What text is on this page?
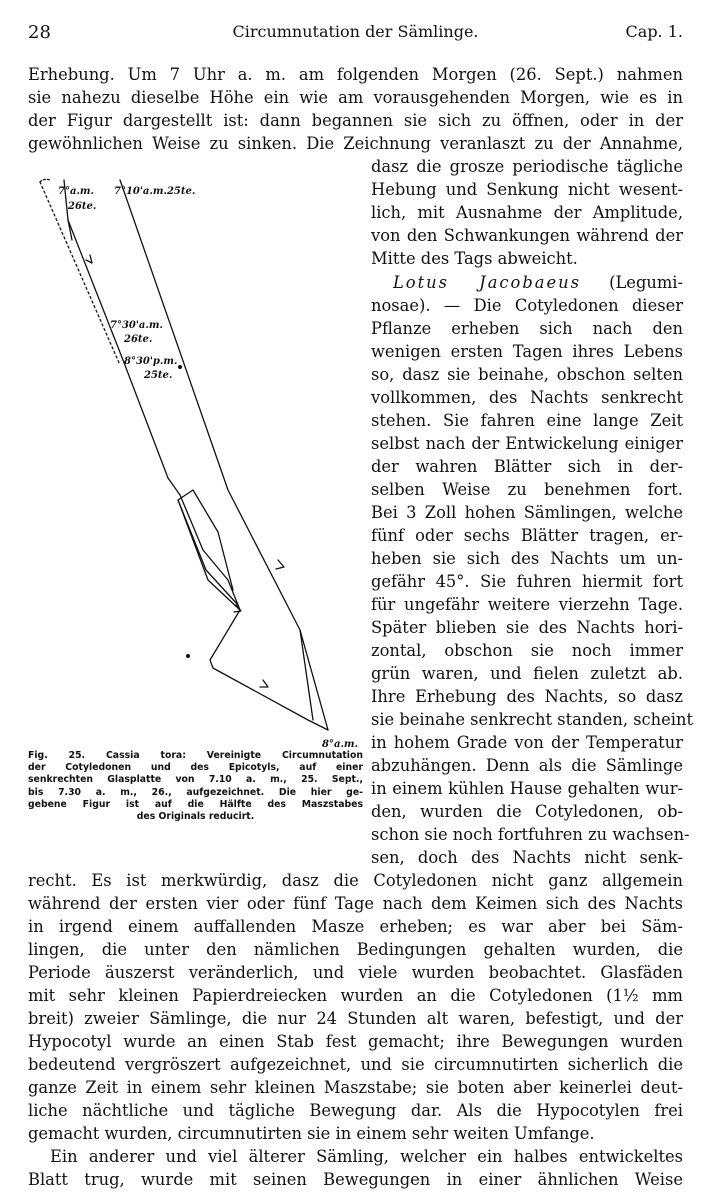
28	Circumnutation der Sämlinge.	Cap. 1.
Erhebung. Um 7 Uhr a. m. am folgenden Morgen (26. Sept.) nahmen
sie nahezu dieselbe Höhe ein wie am vorausgehenden Morgen, wie es in
der Figur dargestellt ist: dann begannen sie sich zu öffnen, oder in der
gewöhnlichen Weise zu sinken. Die Zeichnung veranlaszt zu der Annahme,
7°a.m.
26te.
7°10'a.m.25te.
7°30'a.m.
26te.
8°30'p.m.
25te.
8°a.m.
Fig. 25. Cassia tora: Vereinigte Circumnutation
der Cotyledonen und des Epicotyls, auf einer
senkrechten Glasplatte von 7.10 a. m., 25. Sept.,
bis 7.30 a. m., 26., aufgezeichnet. Die hier ge-
gebene Figur ist auf die Hälfte des Maszstabes
des Originals reducirt.
dasz die grosze periodische tägliche
Hebung und Senkung nicht wesent-
lich, mit Ausnahme der Amplitude,
von den Schwankungen während der
Mitte des Tags abweicht.
Lotus Jacobaeus (Legumi-
nosae). — Die Cotyledonen dieser
Pflanze erheben sich nach den
wenigen ersten Tagen ihres Lebens
so, dasz sie beinahe, obschon selten
vollkommen, des Nachts senkrecht
stehen. Sie fahren eine lange Zeit
selbst nach der Entwickelung einiger
der wahren Blätter sich in der-
selben Weise zu benehmen fort.
Bei 3 Zoll hohen Sämlingen, welche
fünf oder sechs Blätter tragen, er-
heben sie sich des Nachts um un-
gefähr 45°. Sie fuhren hiermit fort
für ungefähr weitere vierzehn Tage.
Später blieben sie des Nachts hori-
zontal, obschon sie noch immer
grün waren, und fielen zuletzt ab.
Ihre Erhebung des Nachts, so dasz
sie beinahe senkrecht standen, scheint
in hohem Grade von der Temperatur
abzuhängen. Denn als die Sämlinge
in einem kühlen Hause gehalten wur-
den, wurden die Cotyledonen, ob-
schon sie noch fortfuhren zu wachsen-
sen, doch des Nachts nicht senk-
recht. Es ist merkwürdig, dasz die Cotyledonen nicht ganz allgemein
während der ersten vier oder fünf Tage nach dem Keimen sich des Nachts
in irgend einem auffallenden Masze erheben; es war aber bei Säm-
lingen, die unter den nämlichen Bedingungen gehalten wurden, die
Periode äuszerst veränderlich, und viele wurden beobachtet. Glasfäden
mit sehr kleinen Papierdreiecken wurden an die Cotyledonen (1½ mm
breit) zweier Sämlinge, die nur 24 Stunden alt waren, befestigt, und der
Hypocotyl wurde an einen Stab fest gemacht; ihre Bewegungen wurden
bedeutend vergröszert aufgezeichnet, und sie circumnutirten sicherlich die
ganze Zeit in einem sehr kleinen Maszstabe; sie boten aber keinerlei deut-
liche nächtliche und tägliche Bewegung dar. Als die Hypocotylen frei
gemacht wurden, circumnutirten sie in einem sehr weiten Umfange.
Ein anderer und viel älterer Sämling, welcher ein halbes entwickeltes
Blatt trug, wurde mit seinen Bewegungen in einer ähnlichen Weise
